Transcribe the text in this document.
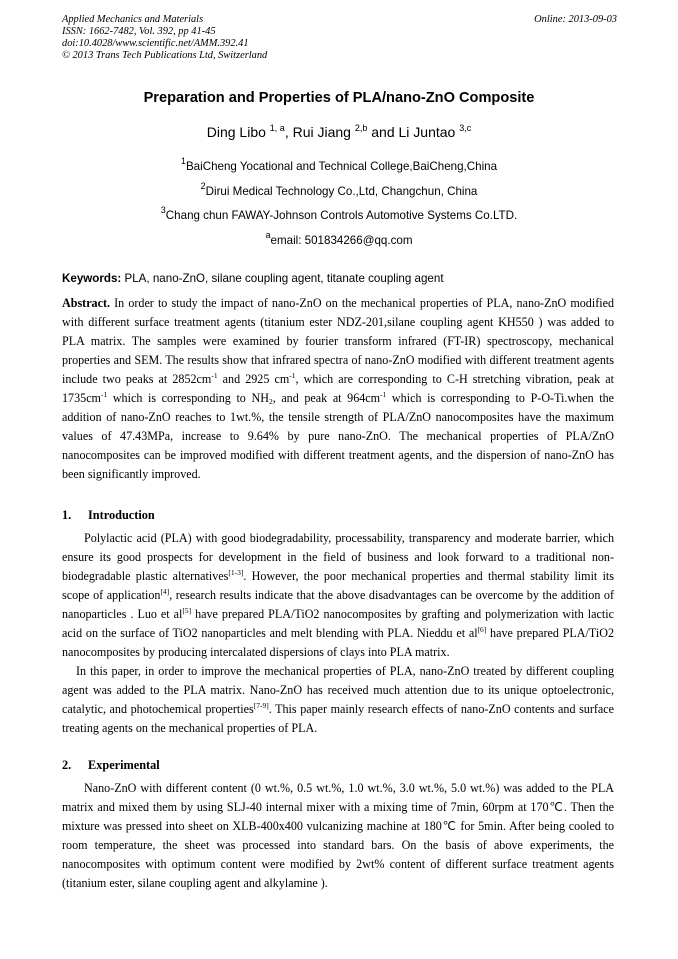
Applied Mechanics and Materials
ISSN: 1662-7482, Vol. 392, pp 41-45
doi:10.4028/www.scientific.net/AMM.392.41
© 2013 Trans Tech Publications Ltd, Switzerland
Online: 2013-09-03
Preparation and Properties of PLA/nano-ZnO Composite
Ding Libo $^{1, a}$, Rui Jiang $^{2,b}$ and Li Juntao $^{3,c}$
$^1$BaiCheng Yocational and Technical College,BaiCheng,China
$^2$Dirui Medical Technology Co.,Ltd, Changchun, China
$^3$Chang chun FAWAY-Johnson Controls Automotive Systems Co.LTD.
$^a$email: 501834266@qq.com
Keywords: PLA, nano-ZnO, silane coupling agent, titanate coupling agent

Abstract. In order to study the impact of nano-ZnO on the mechanical properties of PLA, nano-ZnO modified with different surface treatment agents (titanium ester NDZ-201,silane coupling agent KH550 ) was added to PLA matrix. The samples were examined by fourier transform infrared (FT-IR) spectroscopy, mechanical properties and SEM. The results show that infrared spectra of nano-ZnO modified with different treatment agents include two peaks at $2852cm^{-1}$ and 2925 $cm^{-1}$, which are corresponding to C-H stretching vibration, peak at $1735cm^{-1}$ which is corresponding to $NH_2$, and peak at $964cm^{-1}$ which is corresponding to P-O-Ti.when the addition of nano-ZnO reaches to 1wt.%, the tensile strength of PLA/ZnO nanocomposites have the maximum values of 47.43MPa, increase to 9.64% by pure nano-ZnO. The mechanical properties of PLA/ZnO nanocomposites can be improved modified with different treatment agents, and the dispersion of nano-ZnO has been significantly improved.

1. Introduction

Polylactic acid (PLA) with good biodegradability, processability, transparency and moderate barrier, which ensure its good prospects for development in the field of business and look forward to a traditional non-biodegradable plastic alternatives[1-3]. However, the poor mechanical properties and thermal stability limit its scope of application[4], research results indicate that the above disadvantages can be overcome by the addition of nanoparticles . Luo et al[5] have prepared PLA/TiO2 nanocomposites by grafting and polymerization with lactic acid on the surface of TiO2 nanoparticles and melt blending with PLA. Nieddu et al[6] have prepared PLA/TiO2 nanocomposites by producing intercalated dispersions of clays into PLA matrix.

In this paper, in order to improve the mechanical properties of PLA, nano-ZnO treated by different coupling agent was added to the PLA matrix. Nano-ZnO has received much attention due to its unique optoelectronic, catalytic, and photochemical properties[7-9]. This paper mainly research effects of nano-ZnO contents and surface treating agents on the mechanical properties of PLA.

2. Experimental

Nano-ZnO with different content (0 wt.%, 0.5 wt.%, 1.0 wt.%, 3.0 wt.%, 5.0 wt.%) was added to the PLA matrix and mixed them by using SLJ-40 internal mixer with a mixing time of 7min, 60rpm at 170℃. Then the mixture was pressed into sheet on XLB-400x400 vulcanizing machine at 180℃ for 5min. After being cooled to room temperature, the sheet was processed into standard bars. On the basis of above experiments, the nanocomposites with optimum content were modified by 2wt% content of different surface treatment agents (titanium ester, silane coupling agent and alkylamine ).
